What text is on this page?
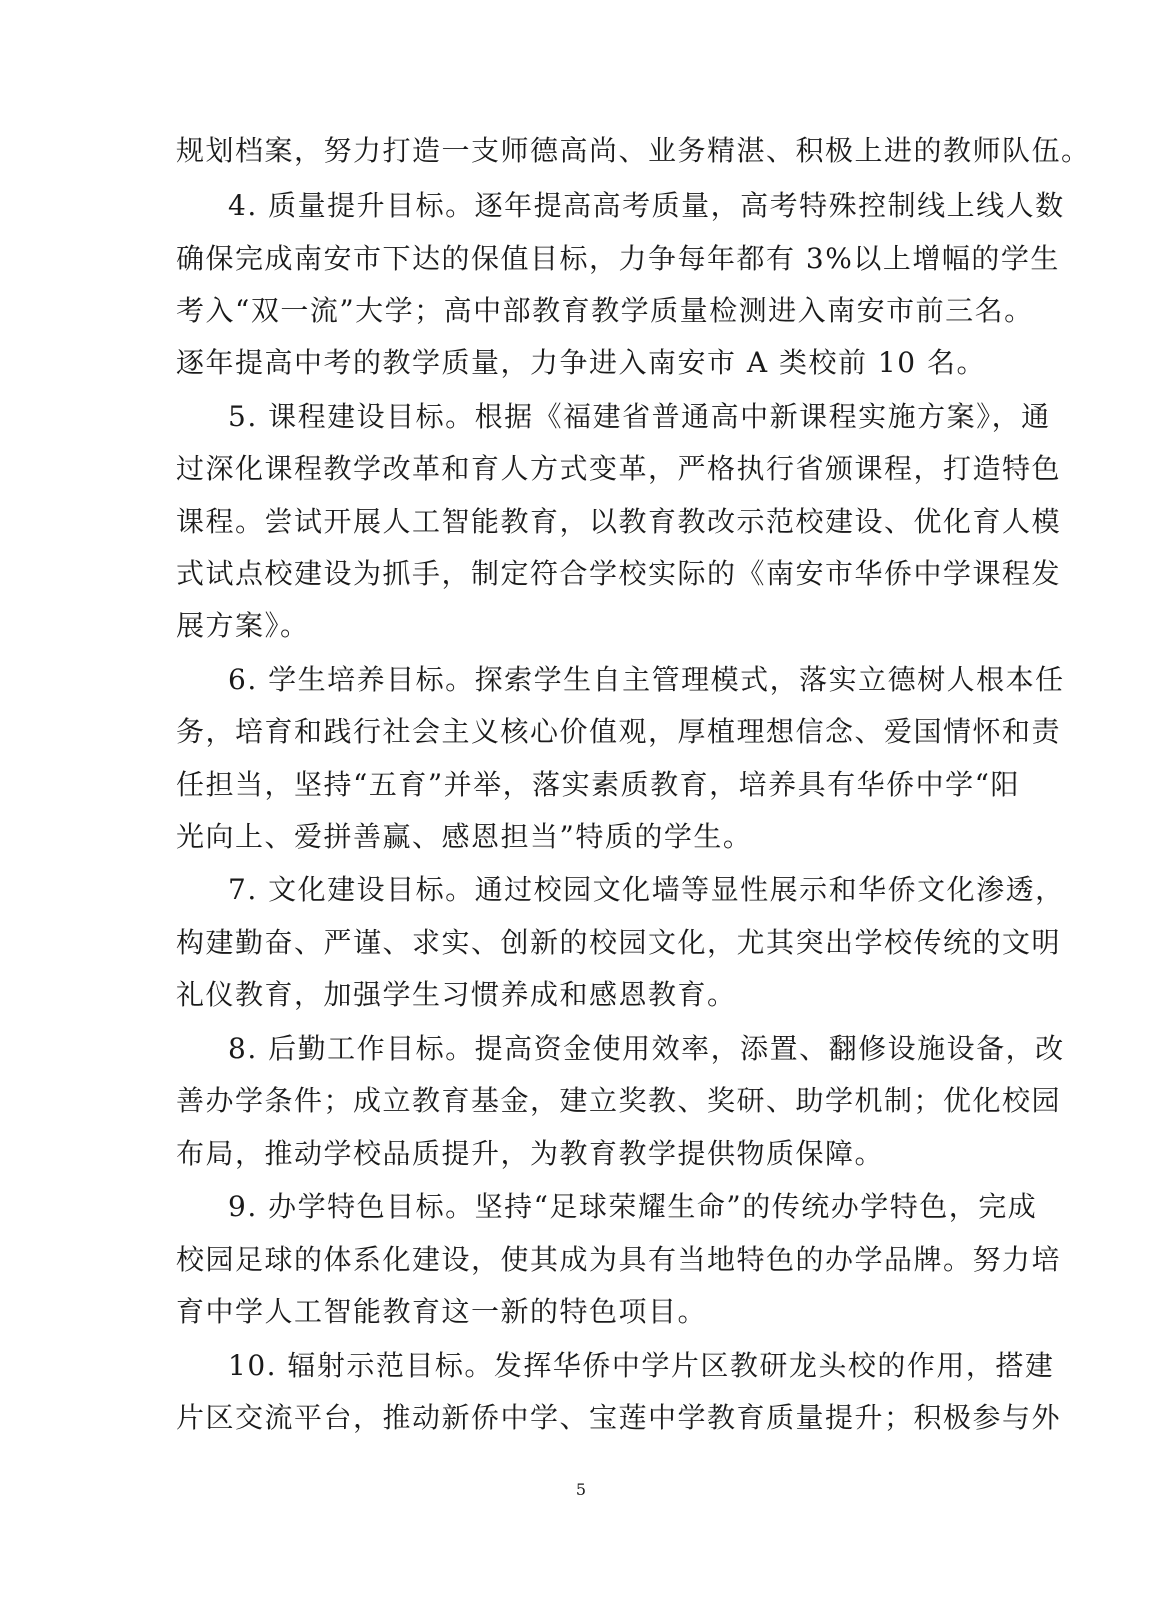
规划档案，努力打造一支师德高尚、业务精湛、积极上进的教师队伍。
4. 质量提升目标。逐年提高高考质量，高考特殊控制线上线人数
确保完成南安市下达的保值目标，力争每年都有 3%以上增幅的学生
考入“双一流”大学；高中部教育教学质量检测进入南安市前三名。
逐年提高中考的教学质量，力争进入南安市 A 类校前 10 名。
5. 课程建设目标。根据《福建省普通高中新课程实施方案》，通
过深化课程教学改革和育人方式变革，严格执行省颁课程，打造特色
课程。尝试开展人工智能教育，以教育教改示范校建设、优化育人模
式试点校建设为抓手，制定符合学校实际的《南安市华侨中学课程发
展方案》。
6. 学生培养目标。探索学生自主管理模式，落实立德树人根本任
务，培育和践行社会主义核心价值观，厚植理想信念、爱国情怀和责
任担当，坚持“五育”并举，落实素质教育，培养具有华侨中学“阳
光向上、爱拼善赢、感恩担当”特质的学生。
7. 文化建设目标。通过校园文化墙等显性展示和华侨文化渗透，
构建勤奋、严谨、求实、创新的校园文化，尤其突出学校传统的文明
礼仪教育，加强学生习惯养成和感恩教育。
8. 后勤工作目标。提高资金使用效率，添置、翻修设施设备，改
善办学条件；成立教育基金，建立奖教、奖研、助学机制；优化校园
布局，推动学校品质提升，为教育教学提供物质保障。
9. 办学特色目标。坚持“足球荣耀生命”的传统办学特色，完成
校园足球的体系化建设，使其成为具有当地特色的办学品牌。努力培
育中学人工智能教育这一新的特色项目。
10. 辐射示范目标。发挥华侨中学片区教研龙头校的作用，搭建
片区交流平台，推动新侨中学、宝莲中学教育质量提升；积极参与外
5
